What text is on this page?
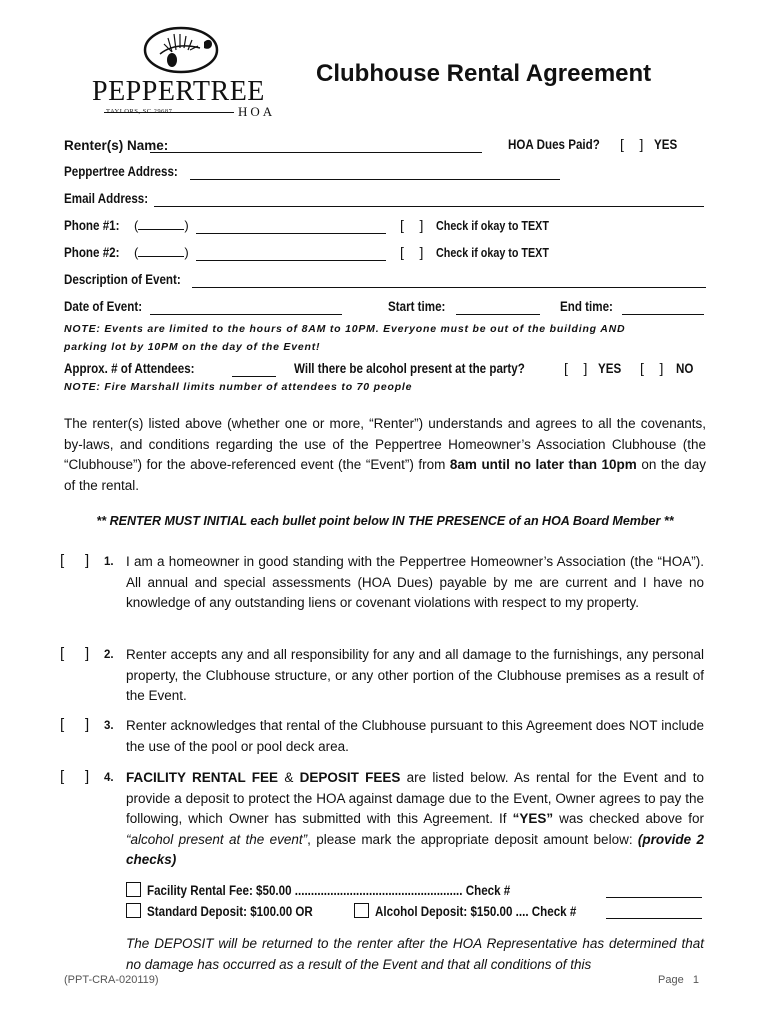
PEPPERTREE
TAYLORS, SC 29687	HOA
Clubhouse Rental Agreement
Renter(s) Name:	HOA Dues Paid? [    ] YES
Peppertree Address:
Email Address:
Phone #1: (	)	[    ] Check if okay to TEXT
Phone #2: (	)	[    ] Check if okay to TEXT
Description of Event:
Date of Event:	Start time:	End time:
NOTE: Events are limited to the hours of 8AM to 10PM. Everyone must be out of the building AND
parking lot by 10PM on the day of the Event!
Approx. # of Attendees:	Will there be alcohol present at the party?	[    ] YES [    ] NO
NOTE: Fire Marshall limits number of attendees to 70 people
The renter(s) listed above (whether one or more, “Renter”) understands and agrees to all the covenants, by-laws, and conditions regarding the use of the Peppertree Homeowner’s Association Clubhouse (the “Clubhouse”) for the above-referenced event (the “Event”) from 8am until no later than 10pm on the day of the rental.
** RENTER MUST INITIAL each bullet point below IN THE PRESENCE of an HOA Board Member **
[     ] 1. I am a homeowner in good standing with the Peppertree Homeowner’s Association (the “HOA”). All annual and special assessments (HOA Dues) payable by me are current and I have no knowledge of any outstanding liens or covenant violations with respect to my property.
[     ] 2. Renter accepts any and all responsibility for any and all damage to the furnishings, any personal property, the Clubhouse structure, or any other portion of the Clubhouse premises as a result of the Event.
[     ] 3. Renter acknowledges that rental of the Clubhouse pursuant to this Agreement does NOT include the use of the pool or pool deck area.
[     ] 4. FACILITY RENTAL FEE & DEPOSIT FEES are listed below. As rental for the Event and to provide a deposit to protect the HOA against damage due to the Event, Owner agrees to pay the following, which Owner has submitted with this Agreement. If “YES” was checked above for “alcohol present at the event”, please mark the appropriate deposit amount below: (provide 2 checks)
Facility Rental Fee: $50.00 .................................................... Check #
Standard Deposit: $100.00 OR	Alcohol Deposit: $150.00 .... Check #
The DEPOSIT will be returned to the renter after the HOA Representative has determined that no damage has occurred as a result of the Event and that all conditions of this
(PPT-CRA-020119)	Page 1
